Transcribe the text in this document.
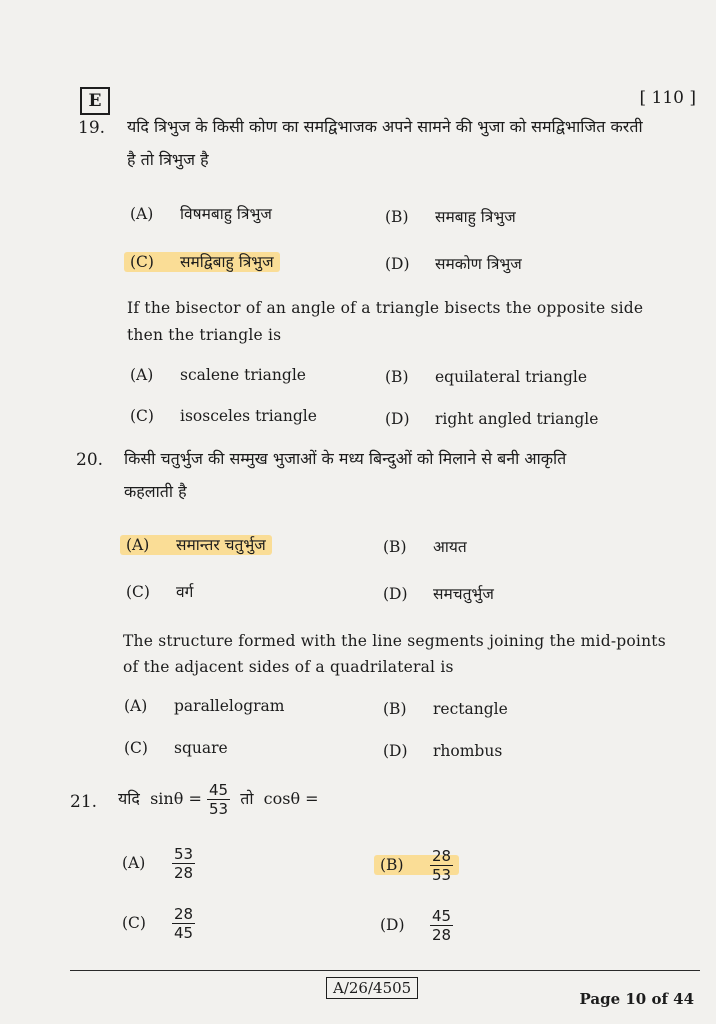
E	[ 110 ]
19. यदि त्रिभुज के किसी कोण का समद्विभाजक अपने सामने की भुजा को समद्विभाजित करती
है तो त्रिभुज है
(A) विषमबाहु त्रिभुज	(B) समबाहु त्रिभुज
(C) समद्विबाहु त्रिभुज	(D) समकोण त्रिभुज
If the bisector of an angle of a triangle bisects the opposite side
then the triangle is
(A) scalene triangle	(B) equilateral triangle
(C) isosceles triangle	(D) right angled triangle
20. किसी चतुर्भुज की सम्मुख भुजाओं के मध्य बिन्दुओं को मिलाने से बनी आकृति
कहलाती है
(A) समान्तर चतुर्भुज	(B) आयत
(C) वर्ग	(D) समचतुर्भुज
The structure formed with the line segments joining the mid-points
of the adjacent sides of a quadrilateral is
(A) parallelogram	(B) rectangle
(C) square	(D) rhombus
21. यदि $\sin\theta = \frac{45}{53}$ तो cosθ =
$(A) \frac{53}{28}$	$(B) \frac{28}{53}$
$(C) \frac{28}{45}$	$(D) \frac{45}{28}$
A/26/4505
Page 10 of 44
